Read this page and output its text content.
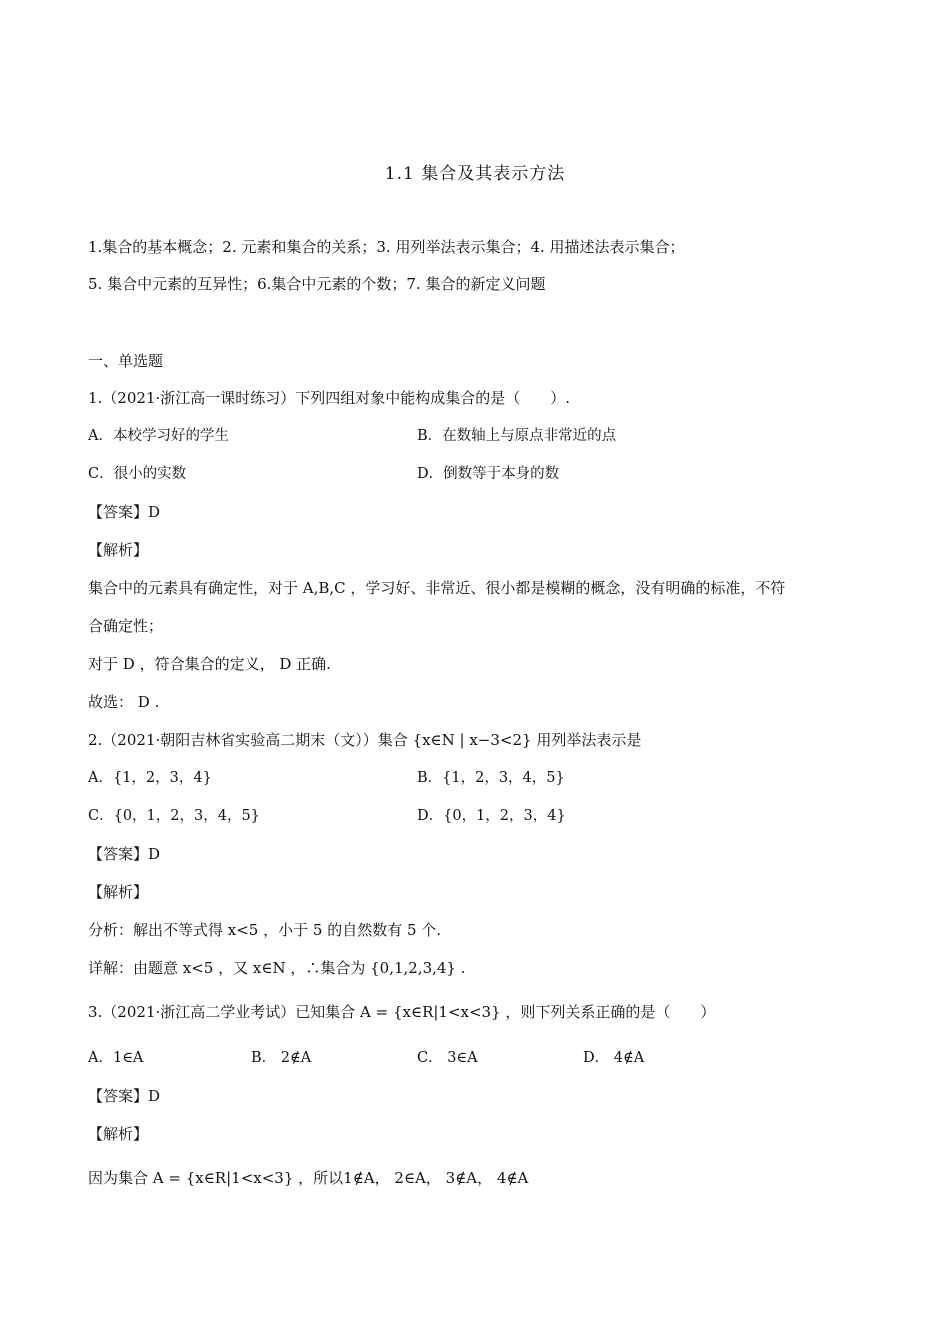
1.1 集合及其表示方法
1.集合的基本概念；2. 元素和集合的关系；3. 用列举法表示集合；4. 用描述法表示集合；
5. 集合中元素的互异性；6.集合中元素的个数；7. 集合的新定义问题
一、单选题
1.（2021·浙江高一课时练习）下列四组对象中能构成集合的是（　　）.
A．本校学习好的学生	B．在数轴上与原点非常近的点
C．很小的实数	D．倒数等于本身的数
【答案】D
【解析】
集合中的元素具有确定性，对于 A,B,C ，学习好、非常近、很小都是模糊的概念，没有明确的标准，不符
合确定性；
对于 D ，符合集合的定义， D 正确.
故选： D .
2.（2021·朝阳吉林省实验高二期末（文））集合 {x∈N | x−3<2} 用列举法表示是
A．{1，2，3，4}	B．{1，2，3，4，5}
C．{0，1，2，3，4，5}	D．{0，1，2，3，4}
【答案】D
【解析】
分析：解出不等式得 x<5 ，小于 5 的自然数有 5 个.
详解：由题意 x<5 ，又 x∈N ，∴集合为 {0,1,2,3,4} .
3.（2021·浙江高二学业考试）已知集合 A = {x∈R|1<x<3} ，则下列关系正确的是（　　）
A．1∈A	B． 2∉A	C． 3∈A	D． 4∉A
【答案】D
【解析】
因为集合 A = {x∈R|1<x<3} ，所以1∉A， 2∈A， 3∉A， 4∉A
